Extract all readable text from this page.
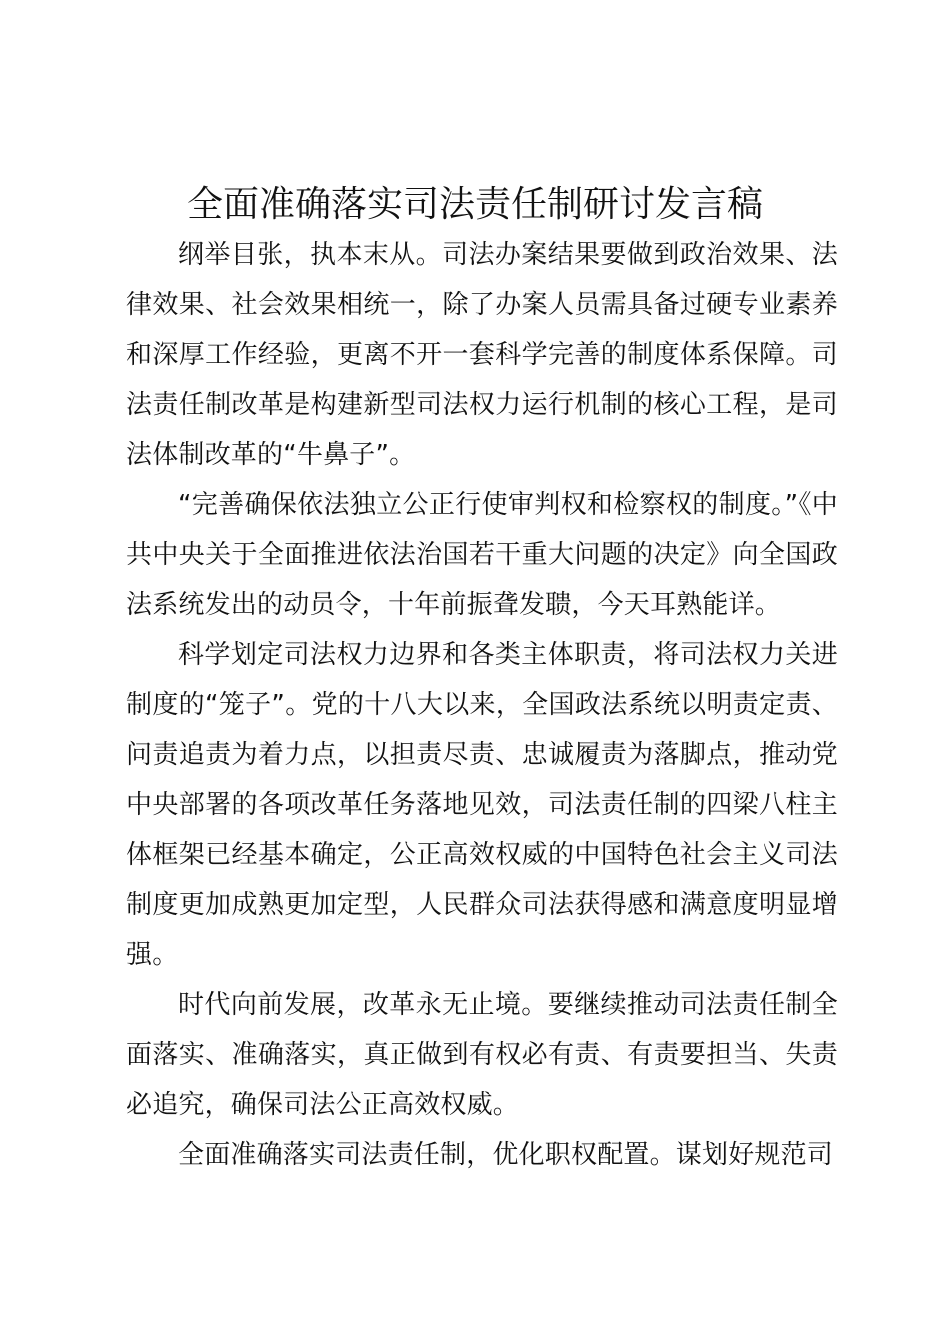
全面准确落实司法责任制研讨发言稿

纲举目张，执本末从。司法办案结果要做到政治效果、法律效果、社会效果相统一，除了办案人员需具备过硬专业素养和深厚工作经验，更离不开一套科学完善的制度体系保障。司法责任制改革是构建新型司法权力运行机制的核心工程，是司法体制改革的“牛鼻子”。

“完善确保依法独立公正行使审判权和检察权的制度。”《中共中央关于全面推进依法治国若干重大问题的决定》向全国政法系统发出的动员令，十年前振聋发聩，今天耳熟能详。

科学划定司法权力边界和各类主体职责，将司法权力关进制度的“笼子”。党的十八大以来，全国政法系统以明责定责、问责追责为着力点，以担责尽责、忠诚履责为落脚点，推动党中央部署的各项改革任务落地见效，司法责任制的四梁八柱主体框架已经基本确定，公正高效权威的中国特色社会主义司法制度更加成熟更加定型，人民群众司法获得感和满意度明显增强。

时代向前发展，改革永无止境。要继续推动司法责任制全面落实、准确落实，真正做到有权必有责、有责要担当、失责必追究，确保司法公正高效权威。

全面准确落实司法责任制，优化职权配置。谋划好规范司
